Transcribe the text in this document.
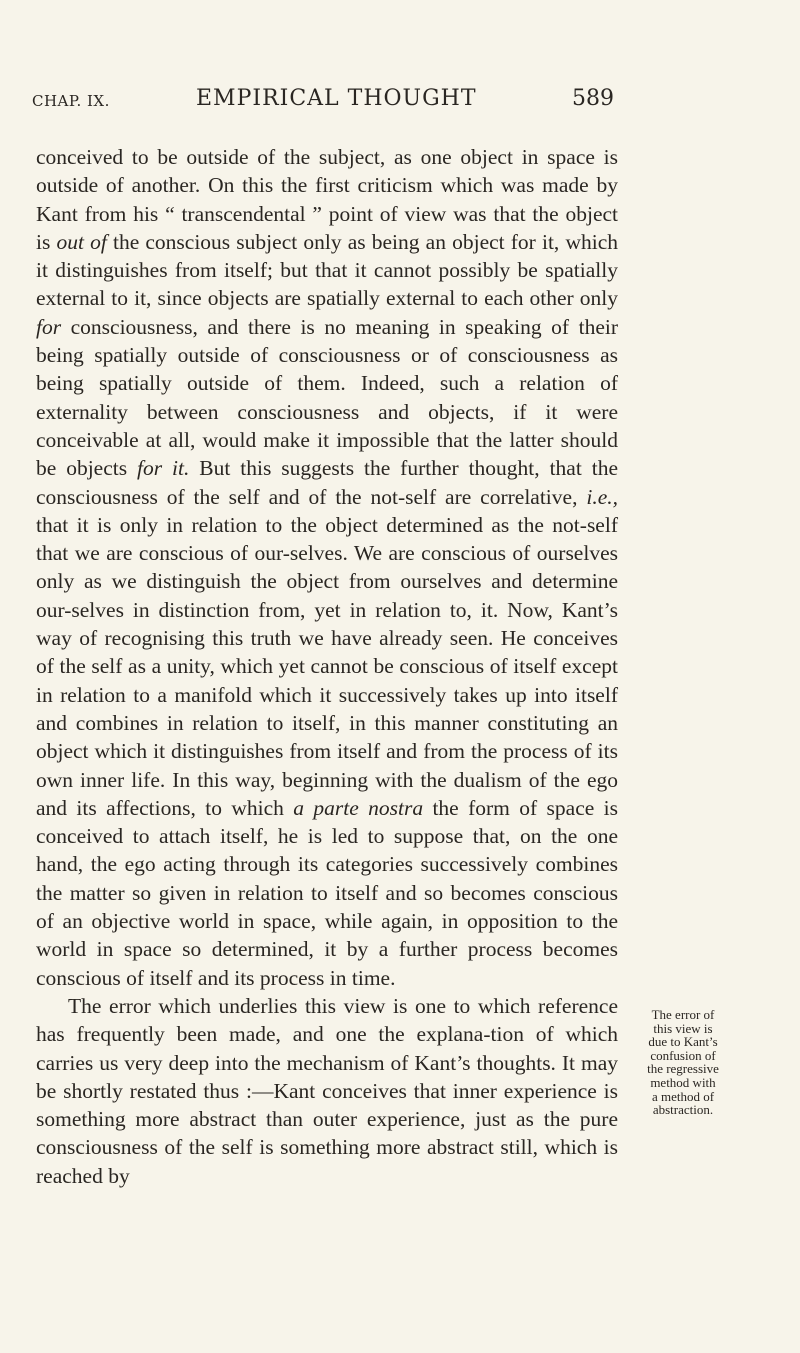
CHAP. IX.	EMPIRICAL THOUGHT	589

conceived to be outside of the subject, as one object in space is outside of another. On this the first criticism which was made by Kant from his “ transcendental ” point of view was that the object is out of the conscious subject only as being an object for it, which it distinguishes from itself; but that it cannot possibly be spatially external to it, since objects are spatially external to each other only for consciousness, and there is no meaning in speaking of their being spatially outside of consciousness or of consciousness as being spatially outside of them. Indeed, such a relation of externality between consciousness and objects, if it were conceivable at all, would make it impossible that the latter should be objects for it. But this suggests the further thought, that the consciousness of the self and of the not-self are correlative, i.e., that it is only in relation to the object determined as the not-self that we are conscious of our-selves. We are conscious of ourselves only as we distinguish the object from ourselves and determine our-selves in distinction from, yet in relation to, it. Now, Kant’s way of recognising this truth we have already seen. He conceives of the self as a unity, which yet cannot be conscious of itself except in relation to a manifold which it successively takes up into itself and combines in relation to itself, in this manner constituting an object which it distinguishes from itself and from the process of its own inner life. In this way, beginning with the dualism of the ego and its affections, to which a parte nostra the form of space is conceived to attach itself, he is led to suppose that, on the one hand, the ego acting through its categories successively combines the matter so given in relation to itself and so becomes conscious of an objective world in space, while again, in opposition to the world in space so determined, it by a further process becomes conscious of itself and its process in time.

The error which underlies this view is one to which reference has frequently been made, and one the explana-tion of which carries us very deep into the mechanism of Kant’s thoughts. It may be shortly restated thus :—Kant conceives that inner experience is something more abstract than outer experience, just as the pure consciousness of the self is something more abstract still, which is reached by

The error of
this view is
due to Kant’s
confusion of
the regressive
method with
a method of
abstraction.
